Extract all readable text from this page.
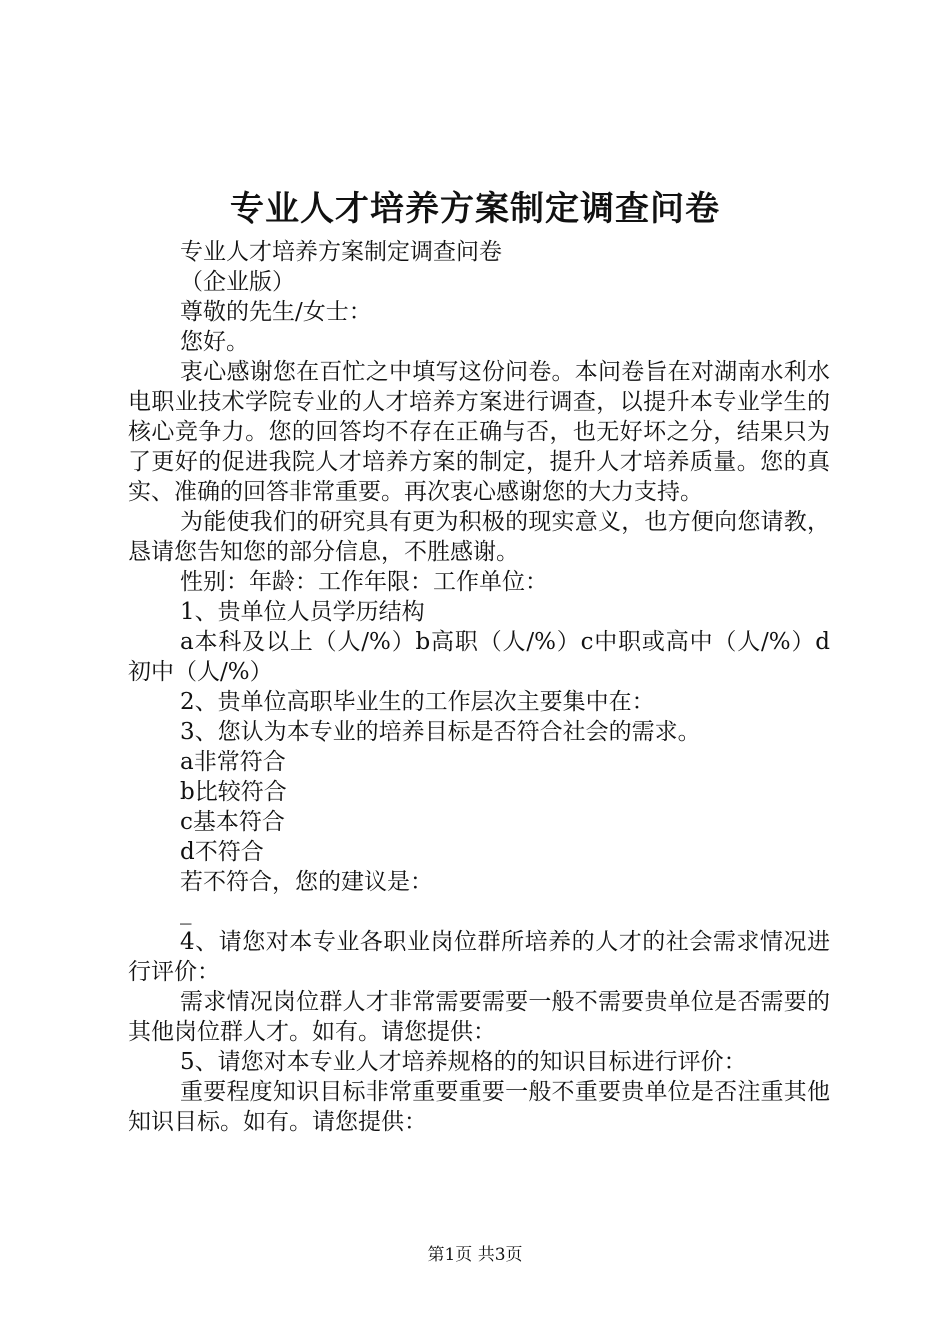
专业人才培养方案制定调查问卷

专业人才培养方案制定调查问卷

（企业版）

尊敬的先生/女士：

您好。

衷心感谢您在百忙之中填写这份问卷。本问卷旨在对湖南水利水电职业技术学院专业的人才培养方案进行调查，以提升本专业学生的核心竞争力。您的回答均不存在正确与否，也无好坏之分，结果只为了更好的促进我院人才培养方案的制定，提升人才培养质量。您的真实、准确的回答非常重要。再次衷心感谢您的大力支持。

为能使我们的研究具有更为积极的现实意义，也方便向您请教，恳请您告知您的部分信息，不胜感谢。

性别：年龄：工作年限：工作单位：

1、贵单位人员学历结构

a本科及以上（人/%）b高职（人/%）c中职或高中（人/%）d初中（人/%）

2、贵单位高职毕业生的工作层次主要集中在：

3、您认为本专业的培养目标是否符合社会的需求。

a非常符合

b比较符合

c基本符合

d不符合

若不符合，您的建议是：

_

4、请您对本专业各职业岗位群所培养的人才的社会需求情况进行评价：

需求情况岗位群人才非常需要需要一般不需要贵单位是否需要的其他岗位群人才。如有。请您提供：

5、请您对本专业人才培养规格的的知识目标进行评价：

重要程度知识目标非常重要重要一般不重要贵单位是否注重其他知识目标。如有。请您提供：

第1页 共3页
